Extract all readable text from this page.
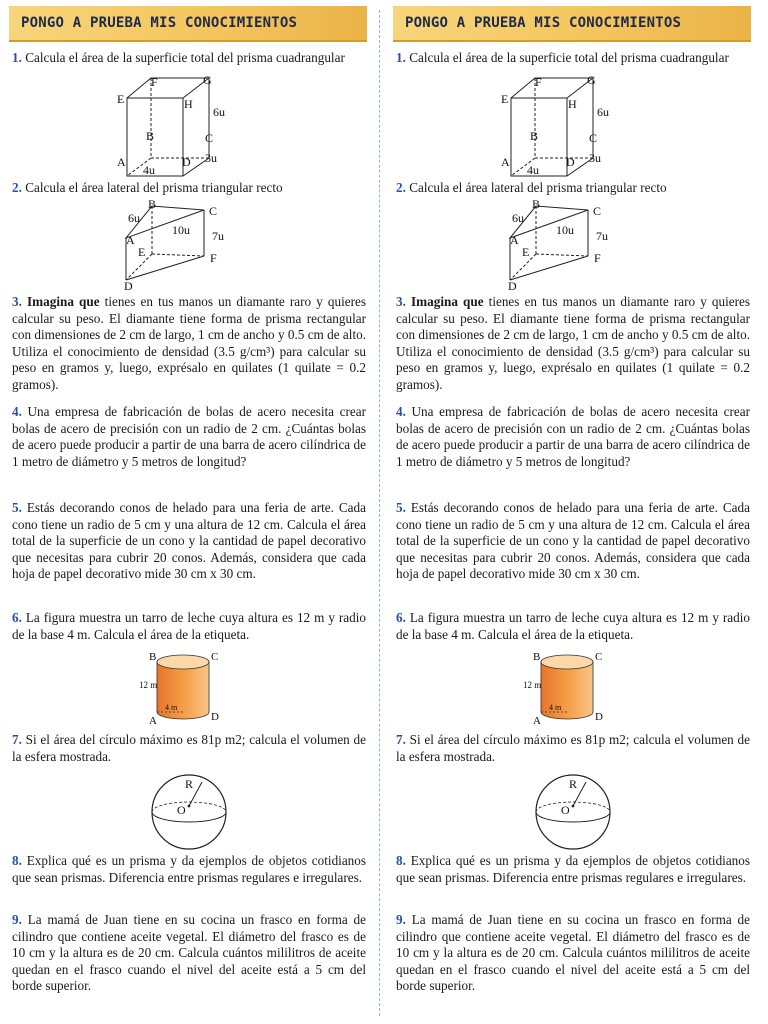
PONGO A PRUEBA MIS CONOCIMIENTOS
1. Calcula el área de la superficie total del prisma cuadrangular
E
F	G
H
6u
B	C
3u
A	D
4u
2. Calcula el área lateral del prisma triangular recto
6u
B	C
10u 7u
A
E	F
D
3. Imagina que tienes en tus manos un diamante raro y quieres calcular su peso. El diamante tiene forma de prisma rectangular con dimensiones de 2 cm de largo, 1 cm de ancho y 0.5 cm de alto. Utiliza el conocimiento de densidad (3.5 g/cm³) para calcular su peso en gramos y, luego, exprésalo en quilates (1 quilate = 0.2 gramos).
4. Una empresa de fabricación de bolas de acero necesita crear bolas de acero de precisión con un radio de 2 cm. ¿Cuántas bolas de acero puede producir a partir de una barra de acero cilíndrica de 1 metro de diámetro y 5 metros de longitud?
5. Estás decorando conos de helado para una feria de arte. Cada cono tiene un radio de 5 cm y una altura de 12 cm. Calcula el área total de la superficie de un cono y la cantidad de papel decorativo que necesitas para cubrir 20 conos. Además, considera que cada hoja de papel decorativo mide 30 cm x 30 cm.
6. La figura muestra un tarro de leche cuya altura es 12 m y radio de la base 4 m. Calcula el área de la etiqueta.
B	C
12 m
4 m
A	D
7. Si el área del círculo máximo es 81p m2; calcula el volumen de la esfera mostrada.
R
O
8. Explica qué es un prisma y da ejemplos de objetos cotidianos que sean prismas. Diferencia entre prismas regulares e irregulares.
9. La mamá de Juan tiene en su cocina un frasco en forma de cilindro que contiene aceite vegetal. El diámetro del frasco es de 10 cm y la altura es de 20 cm. Calcula cuántos mililitros de aceite quedan en el frasco cuando el nivel del aceite está a 5 cm del borde superior.
PONGO A PRUEBA MIS CONOCIMIENTOS
1. Calcula el área de la superficie total del prisma cuadrangular
E
F	G
H
6u
B	C
3u
A	D
4u
2. Calcula el área lateral del prisma triangular recto
6u
B	C
10u 7u
A
E	F
D
3. Imagina que tienes en tus manos un diamante raro y quieres calcular su peso. El diamante tiene forma de prisma rectangular con dimensiones de 2 cm de largo, 1 cm de ancho y 0.5 cm de alto. Utiliza el conocimiento de densidad (3.5 g/cm³) para calcular su peso en gramos y, luego, exprésalo en quilates (1 quilate = 0.2 gramos).
4. Una empresa de fabricación de bolas de acero necesita crear bolas de acero de precisión con un radio de 2 cm. ¿Cuántas bolas de acero puede producir a partir de una barra de acero cilíndrica de 1 metro de diámetro y 5 metros de longitud?
5. Estás decorando conos de helado para una feria de arte. Cada cono tiene un radio de 5 cm y una altura de 12 cm. Calcula el área total de la superficie de un cono y la cantidad de papel decorativo que necesitas para cubrir 20 conos. Además, considera que cada hoja de papel decorativo mide 30 cm x 30 cm.
6. La figura muestra un tarro de leche cuya altura es 12 m y radio de la base 4 m. Calcula el área de la etiqueta.
B	C
12 m
4 m
A	D
7. Si el área del círculo máximo es 81p m2; calcula el volumen de la esfera mostrada.
R
O
8. Explica qué es un prisma y da ejemplos de objetos cotidianos que sean prismas. Diferencia entre prismas regulares e irregulares.
9. La mamá de Juan tiene en su cocina un frasco en forma de cilindro que contiene aceite vegetal. El diámetro del frasco es de 10 cm y la altura es de 20 cm. Calcula cuántos mililitros de aceite quedan en el frasco cuando el nivel del aceite está a 5 cm del borde superior.
